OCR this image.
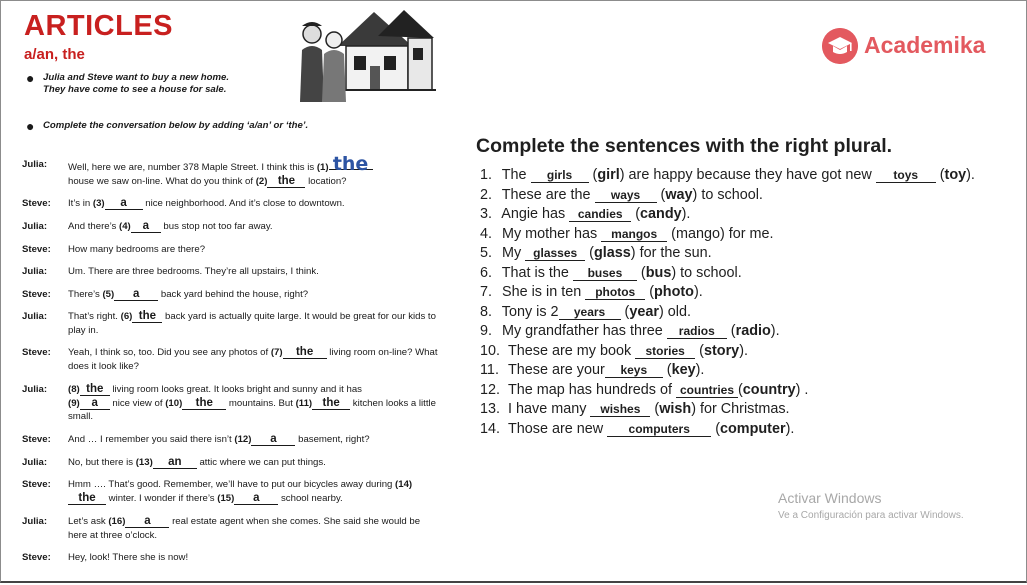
ARTICLES
a/an, the
● Julia and Steve want to buy a new home. They have come to see a house for sale.
● Complete the conversation below by adding ‘a/an’ or ‘the’.
Julia:	Well, here we are, number 378 Maple Street. I think this is (1) the
house we saw on-line. What do you think of (2) the location?
Steve:	It’s in (3) a nice neighborhood. And it’s close to downtown.
Julia:	And there’s (4) a bus stop not too far away.
Steve:	How many bedrooms are there?
Julia:	Um. There are three bedrooms. They’re all upstairs, I think.
Steve:	There’s (5) a back yard behind the house, right?
Julia:	That’s right. (6) the back yard is actually quite large. It would be great for our kids to play in.
Steve:	Yeah, I think so, too. Did you see any photos of (7) the living room on-line? What does it look like?
Julia:	(8) the living room looks great. It looks bright and sunny and it has
(9) a nice view of (10) the mountains. But (11) the kitchen looks a little small.
Steve:	And … I remember you said there isn’t (12) a basement, right?
Julia:	No, but there is (13) an attic where we can put things.
Steve:	Hmm …. That’s good. Remember, we’ll have to put our bicycles away during (14)the winter. I wonder if there’s (15) a school nearby.
Julia:	Let’s ask (16) a real estate agent when she comes. She said she would be here at three o’clock.
Steve:	Hey, look! There she is now!
Academika
Complete the sentences with the right plural.
1. The girls (girl) are happy because they have got new toys (toy).
2. These are the ways (way) to school.
3. Angie has candies (candy).
4. My mother has mangos (mango) for me.
5. My glasses (glass) for the sun.
6. That is the buses (bus) to school.
7. She is in ten photos (photo).
8. Tony is 2 years (year) old.
9. My grandfather has three radios (radio).
10. These are my book stories (story).
11. These are your keys (key).
12. The map has hundreds of countries (country) .
13. I have many wishes (wish) for Christmas.
14. Those are new computers (computer).
Activar Windows
Ve a Configuración para activar Windows.
